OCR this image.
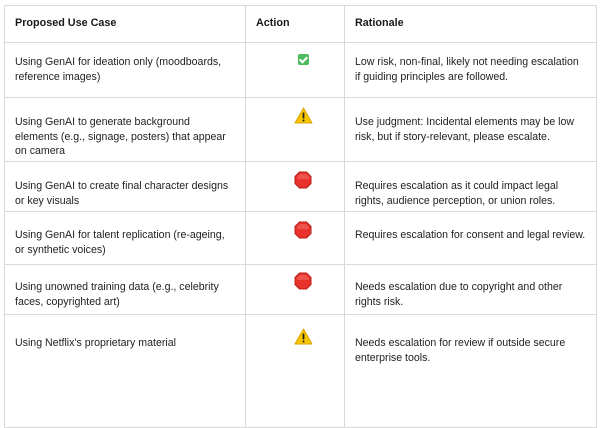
Proposed Use Case	Action	Rationale

Using GenAI for ideation only (moodboards, reference images)		Low risk, non-final, likely not needing escalation if guiding principles are followed.

Using GenAI to generate background elements (e.g., signage, posters) that appear on camera		Use judgment: Incidental elements may be low risk, but if story-relevant, please escalate.

Using GenAI to create final character designs or key visuals		Requires escalation as it could impact legal rights, audience perception, or union roles.

Using GenAI for talent replication (re-ageing, or synthetic voices)		Requires escalation for consent and legal review.

Using unowned training data (e.g., celebrity faces, copyrighted art)		Needs escalation due to copyright and other rights risk.

Using Netflix's proprietary material		Needs escalation for review if outside secure enterprise tools.
